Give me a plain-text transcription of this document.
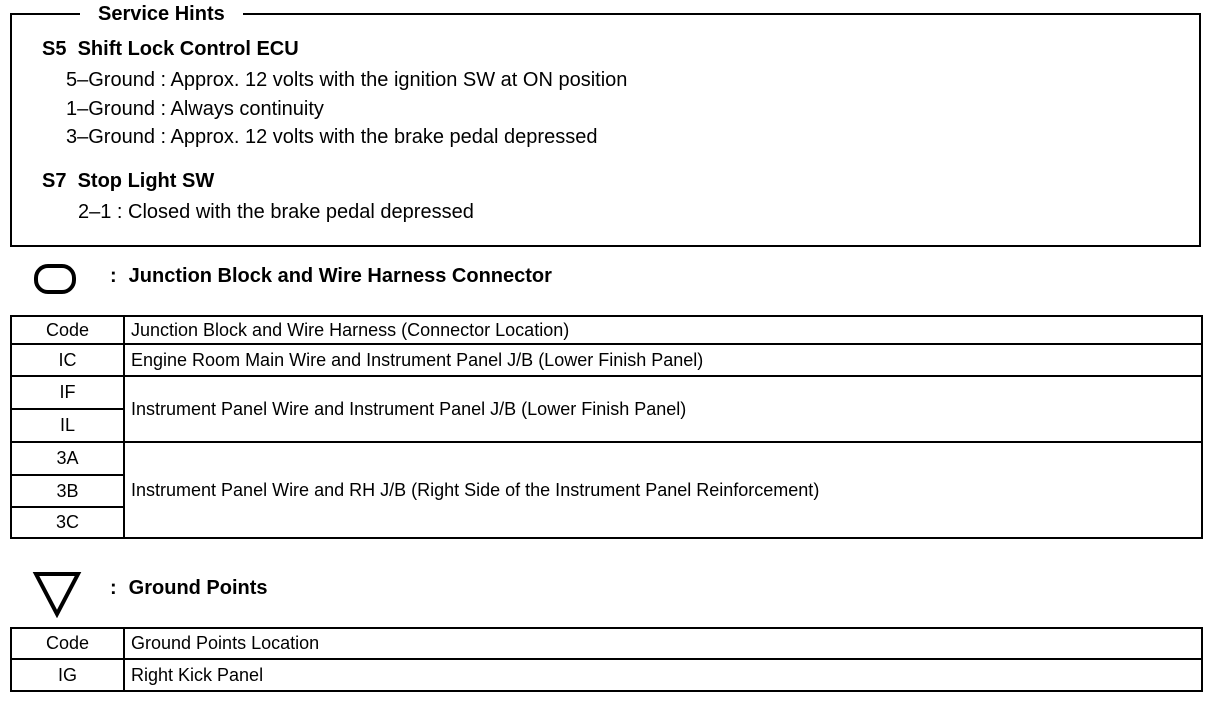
Service Hints
S5  Shift Lock Control ECU
5–Ground : Approx. 12 volts with the ignition SW at ON position
1–Ground : Always continuity
3–Ground : Approx. 12 volts with the brake pedal depressed
S7  Stop Light SW
2–1 : Closed with the brake pedal depressed
: Junction Block and Wire Harness Connector
Code	Junction Block and Wire Harness (Connector Location)
IC	Engine Room Main Wire and Instrument Panel J/B (Lower Finish Panel)
IF	Instrument Panel Wire and Instrument Panel J/B (Lower Finish Panel)
IL	
3A	Instrument Panel Wire and RH J/B (Right Side of the Instrument Panel Reinforcement)
3B	
3C	
: Ground Points
Code	Ground Points Location
IG	Right Kick Panel
